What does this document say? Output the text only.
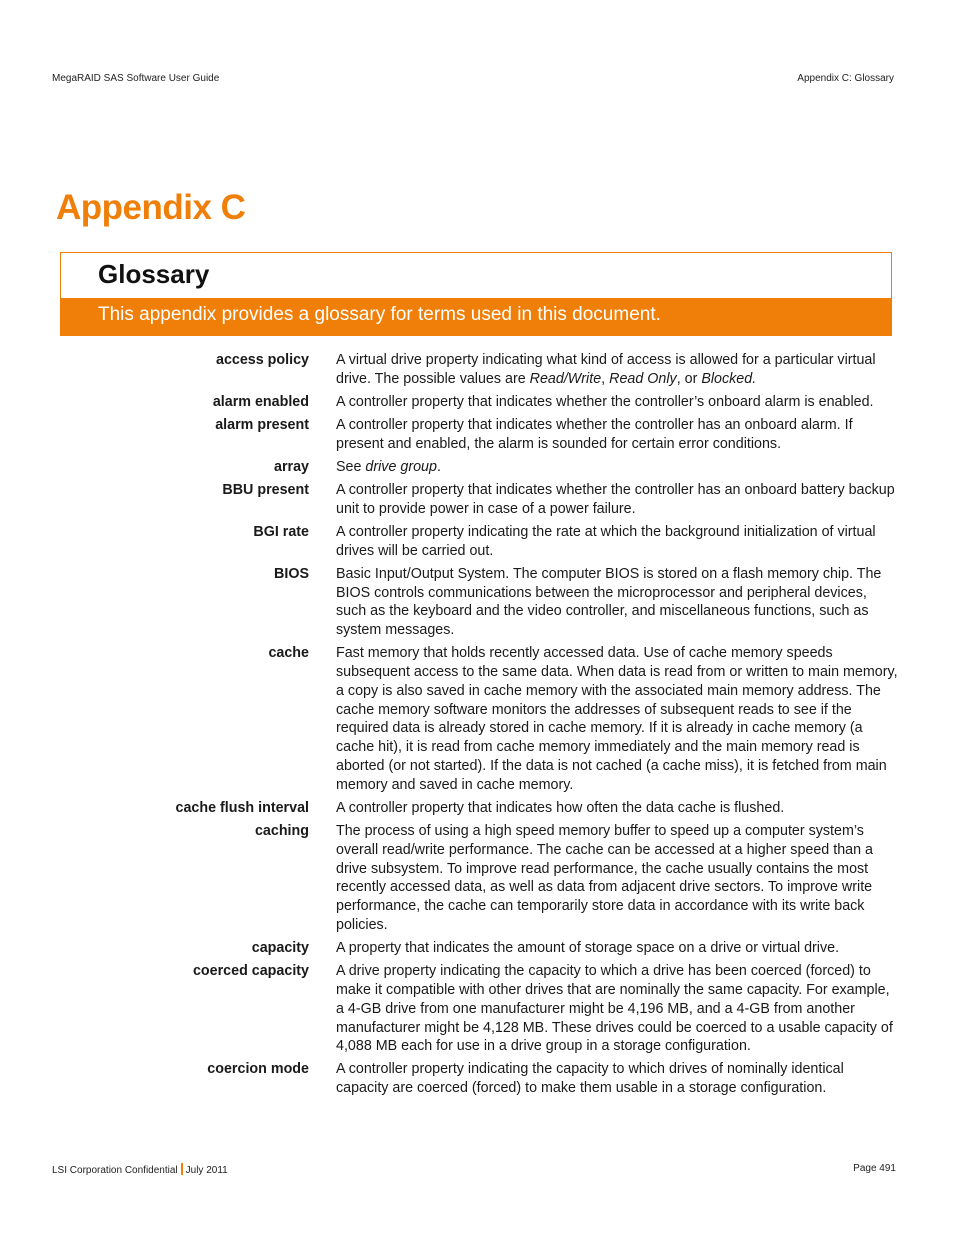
MegaRAID SAS Software User Guide	Appendix C: Glossary
Appendix C
Glossary
This appendix provides a glossary for terms used in this document.
access policy A virtual drive property indicating what kind of access is allowed for a particular virtual drive. The possible values are Read/Write, Read Only, or Blocked.
alarm enabled A controller property that indicates whether the controller’s onboard alarm is enabled.
alarm present A controller property that indicates whether the controller has an onboard alarm. If present and enabled, the alarm is sounded for certain error conditions.
array See drive group.
BBU present A controller property that indicates whether the controller has an onboard battery backup unit to provide power in case of a power failure.
BGI rate A controller property indicating the rate at which the background initialization of virtual drives will be carried out.
BIOS Basic Input/Output System. The computer BIOS is stored on a flash memory chip. The BIOS controls communications between the microprocessor and peripheral devices, such as the keyboard and the video controller, and miscellaneous functions, such as system messages.
cache Fast memory that holds recently accessed data. Use of cache memory speeds subsequent access to the same data. When data is read from or written to main memory, a copy is also saved in cache memory with the associated main memory address. The cache memory software monitors the addresses of subsequent reads to see if the required data is already stored in cache memory. If it is already in cache memory (a cache hit), it is read from cache memory immediately and the main memory read is aborted (or not started). If the data is not cached (a cache miss), it is fetched from main memory and saved in cache memory.
cache flush interval A controller property that indicates how often the data cache is flushed.
caching The process of using a high speed memory buffer to speed up a computer system’s overall read/write performance. The cache can be accessed at a higher speed than a drive subsystem. To improve read performance, the cache usually contains the most recently accessed data, as well as data from adjacent drive sectors. To improve write performance, the cache can temporarily store data in accordance with its write back policies.
capacity A property that indicates the amount of storage space on a drive or virtual drive.
coerced capacity A drive property indicating the capacity to which a drive has been coerced (forced) to make it compatible with other drives that are nominally the same capacity. For example, a 4-GB drive from one manufacturer might be 4,196 MB, and a 4-GB from another manufacturer might be 4,128 MB. These drives could be coerced to a usable capacity of 4,088 MB each for use in a drive group in a storage configuration.
coercion mode A controller property indicating the capacity to which drives of nominally identical capacity are coerced (forced) to make them usable in a storage configuration.
LSI Corporation Confidential July 2011	Page 491
